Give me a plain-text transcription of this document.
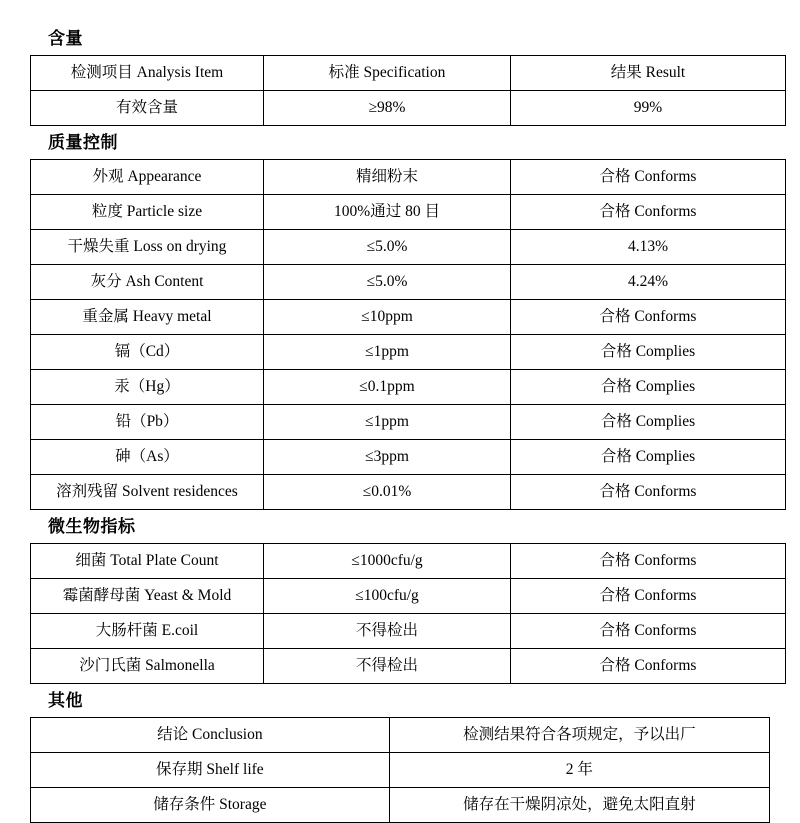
含量
检测项目 Analysis Item	标准 Specification	结果 Result
有效含量	≥98%	99%
质量控制
外观 Appearance	精细粉末	合格 Conforms
粒度 Particle size	100%通过 80 目	合格 Conforms
干燥失重 Loss on drying	≤5.0%	4.13%
灰分 Ash Content	≤5.0%	4.24%
重金属 Heavy metal	≤10ppm	合格 Conforms
镉（Cd）	≤1ppm	合格 Complies
汞（Hg）	≤0.1ppm	合格 Complies
铅（Pb）	≤1ppm	合格 Complies
砷（As）	≤3ppm	合格 Complies
溶剂残留 Solvent residences	≤0.01%	合格 Conforms
微生物指标
细菌 Total Plate Count	≤1000cfu/g	合格 Conforms
霉菌酵母菌 Yeast & Mold	≤100cfu/g	合格 Conforms
大肠杆菌 E.coil	不得检出	合格 Conforms
沙门氏菌 Salmonella	不得检出	合格 Conforms
其他
结论 Conclusion	检测结果符合各项规定，予以出厂
保存期 Shelf life	2 年
储存条件 Storage	储存在干燥阴凉处，避免太阳直射
